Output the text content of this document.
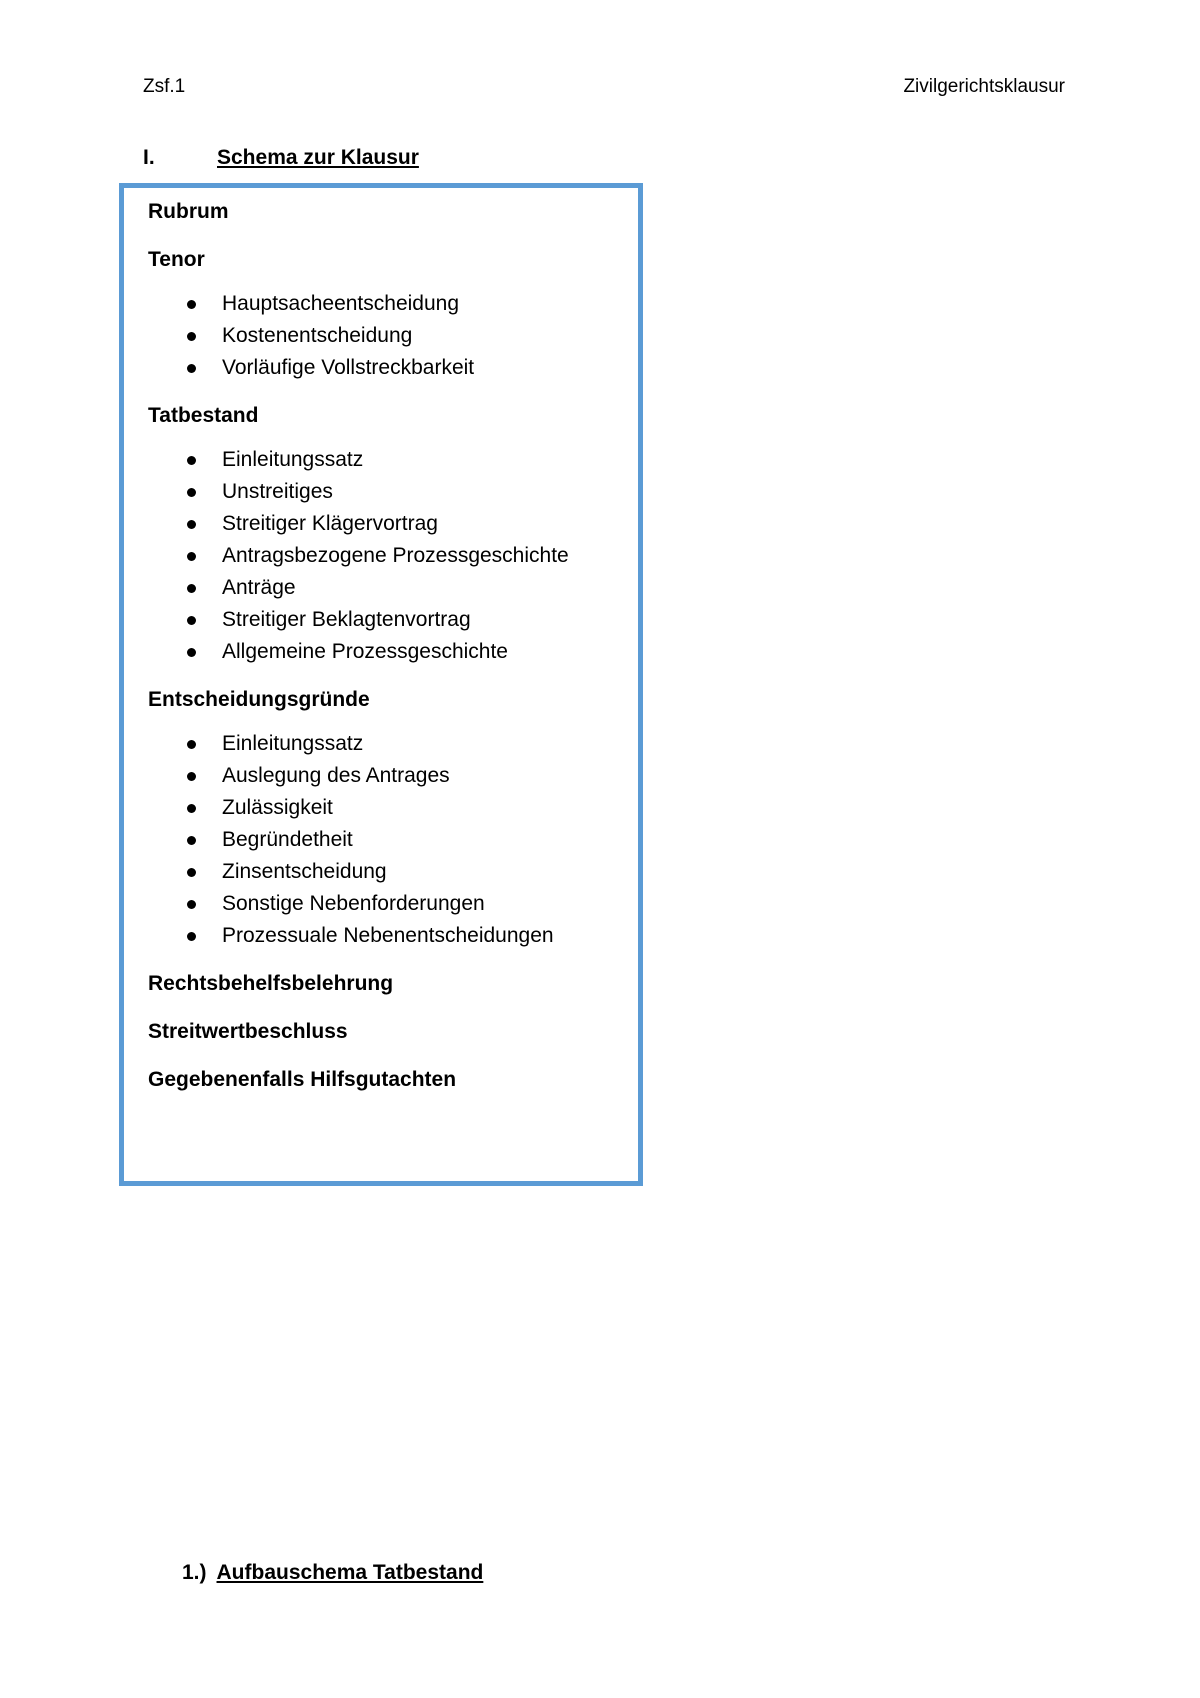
Zsf.1	Zivilgerichtsklausur
I.	Schema zur Klausur
Rubrum
Tenor
Hauptsacheentscheidung
Kostenentscheidung
Vorläufige Vollstreckbarkeit
Tatbestand
Einleitungssatz
Unstreitiges
Streitiger Klägervortrag
Antragsbezogene Prozessgeschichte
Anträge
Streitiger Beklagtenvortrag
Allgemeine Prozessgeschichte
Entscheidungsgründe
Einleitungssatz
Auslegung des Antrages
Zulässigkeit
Begründetheit
Zinsentscheidung
Sonstige Nebenforderungen
Prozessuale Nebenentscheidungen
Rechtsbehelfsbelehrung
Streitwertbeschluss
Gegebenenfalls Hilfsgutachten
1.) Aufbauschema Tatbestand
